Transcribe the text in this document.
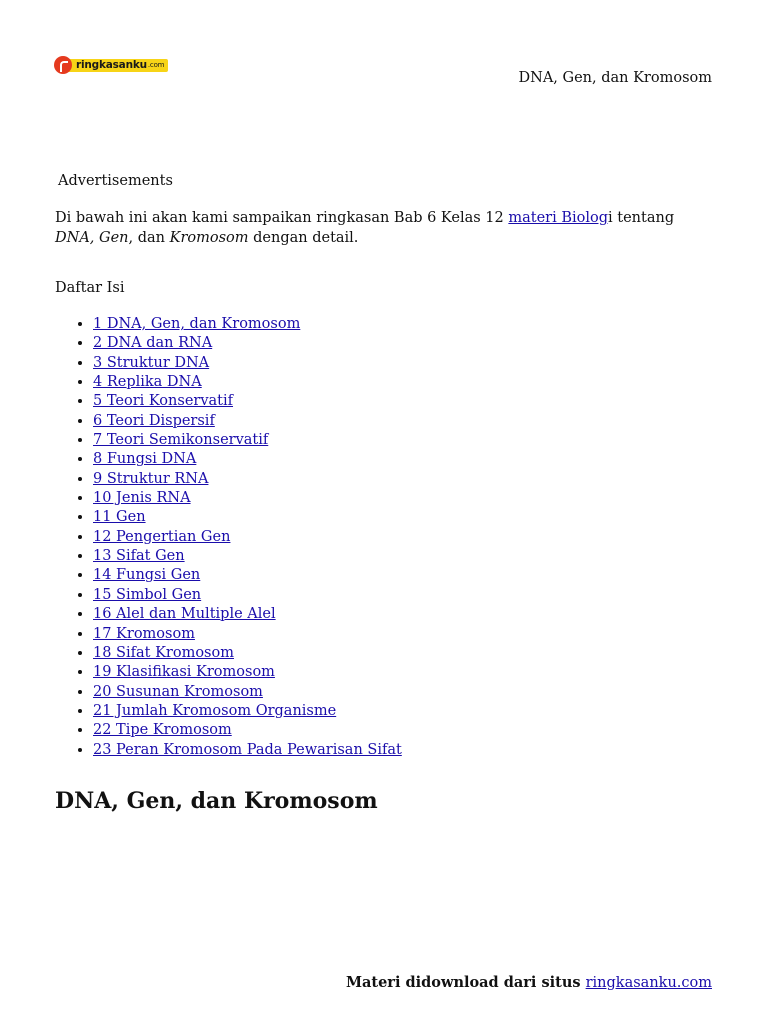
ringkasanku .com
DNA, Gen, dan Kromosom
Advertisements

Di bawah ini akan kami sampaikan ringkasan Bab 6 Kelas 12 materi Biologi tentang DNA, Gen, dan Kromosom dengan detail.

Daftar Isi
• 1 DNA, Gen, dan Kromosom
• 2 DNA dan RNA
• 3 Struktur DNA
• 4 Replika DNA
• 5 Teori Konservatif
• 6 Teori Dispersif
• 7 Teori Semikonservatif
• 8 Fungsi DNA
• 9 Struktur RNA
• 10 Jenis RNA
• 11 Gen
• 12 Pengertian Gen
• 13 Sifat Gen
• 14 Fungsi Gen
• 15 Simbol Gen
• 16 Alel dan Multiple Alel
• 17 Kromosom
• 18 Sifat Kromosom
• 19 Klasifikasi Kromosom
• 20 Susunan Kromosom
• 21 Jumlah Kromosom Organisme
• 22 Tipe Kromosom
• 23 Peran Kromosom Pada Pewarisan Sifat
DNA, Gen, dan Kromosom
Materi didownload dari situs ringkasanku.com
